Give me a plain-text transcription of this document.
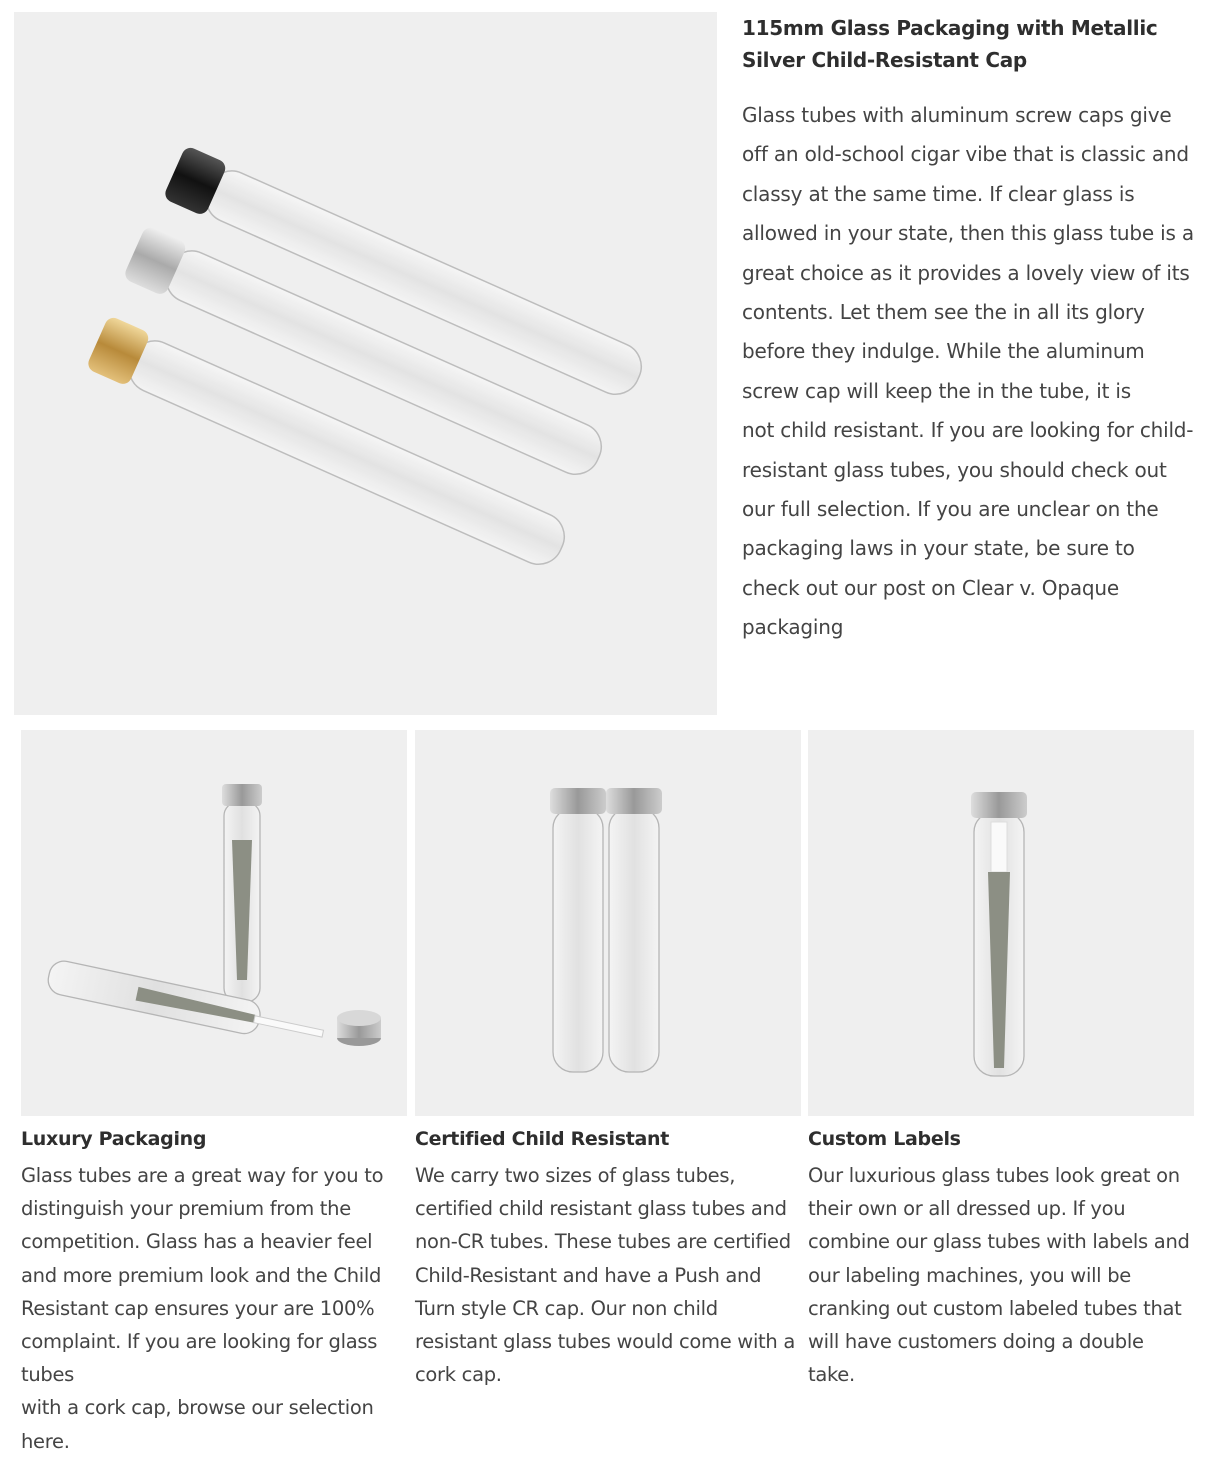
115mm Glass Packaging with Metallic
Silver Child-Resistant Cap

Glass tubes with aluminum screw caps give off an old-school cigar vibe that is classic and classy at the same time. If clear glass is allowed in your state, then this glass tube is a great choice as it provides a lovely view of its contents. Let them see the in all its glory before they indulge. While the aluminum screw cap will keep the in the tube, it is

not child resistant. If you are looking for child-resistant glass tubes, you should check out our full selection. If you are unclear on the packaging laws in your state, be sure to check out our post on Clear v. Opaque packaging

Luxury Packaging

Glass tubes are a great way for you to distinguish your premium from the competition. Glass has a heavier feel and more premium look and the Child Resistant cap ensures your are 100% complaint. If you are looking for glass tubes

with a cork cap, browse our selection here.

Certified Child Resistant

We carry two sizes of glass tubes, certified child resistant glass tubes and non-CR tubes. These tubes are certified Child-Resistant and have a Push and Turn style CR cap. Our non child resistant glass tubes would come with a cork cap.

Custom Labels

Our luxurious glass tubes look great on their own or all dressed up. If you combine our glass tubes with labels and our labeling machines, you will be cranking out custom labeled tubes that will have customers doing a double take.
